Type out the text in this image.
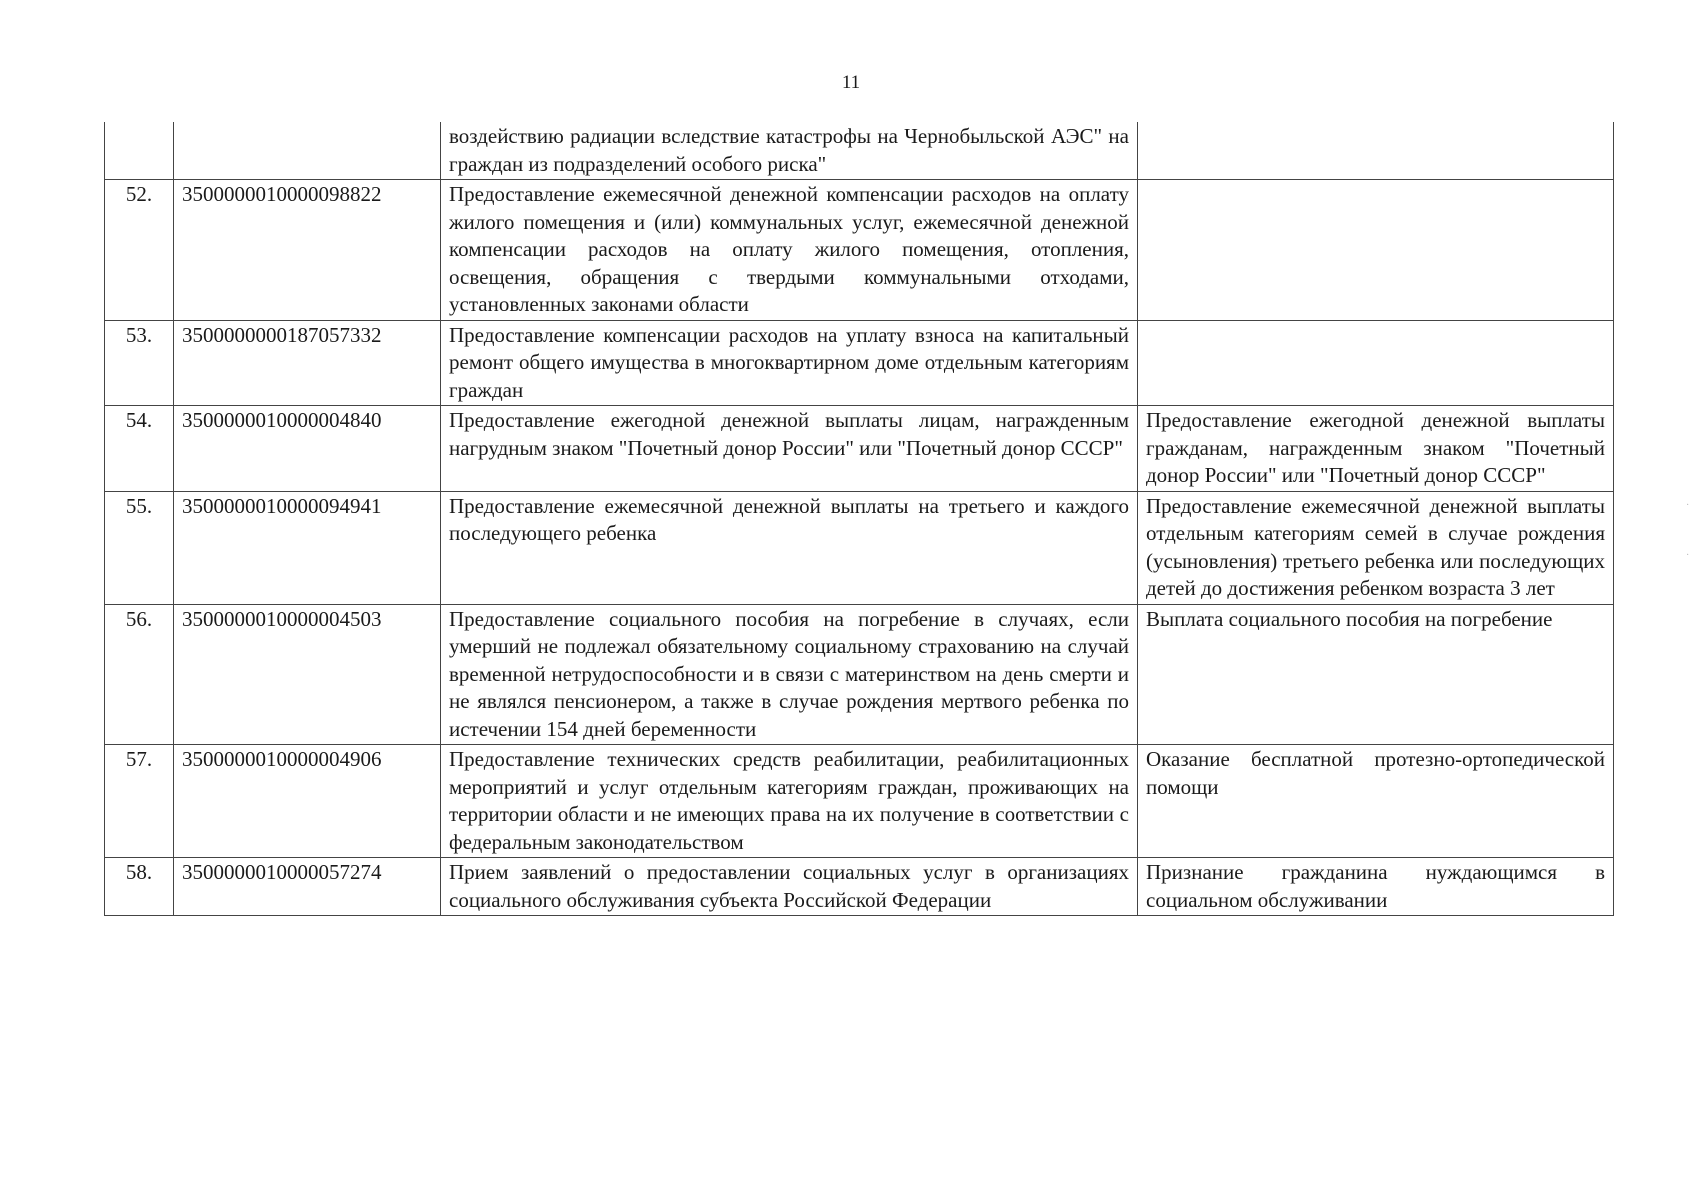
11
		воздействию радиации вследствие катастрофы на Чернобыльской АЭС" на граждан из подразделений особого риска"	
52.	3500000010000098822	Предоставление ежемесячной денежной компенсации расходов на оплату жилого помещения и (или) коммунальных услуг, ежемесячной денежной компенсации расходов на оплату жилого помещения, отопления, освещения, обращения с твердыми коммунальными отходами, установленных законами области	
53.	3500000000187057332	Предоставление компенсации расходов на уплату взноса на капитальный ремонт общего имущества в многоквартирном доме отдельным категориям граждан	
54.	3500000010000004840	Предоставление ежегодной денежной выплаты лицам, награжденным нагрудным знаком "Почетный донор России" или "Почетный донор СССР"	Предоставление ежегодной денежной выплаты гражданам, награжденным знаком "Почетный донор России" или "Почетный донор СССР"
55.	3500000010000094941	Предоставление ежемесячной денежной выплаты на третьего и каждого последующего ребенка	Предоставление ежемесячной денежной выплаты отдельным категориям семей в случае рождения (усыновления) третьего ребенка или последующих детей до достижения ребенком возраста 3 лет
56.	3500000010000004503	Предоставление социального пособия на погребение в случаях, если умерший не подлежал обязательному социальному страхованию на случай временной нетрудоспособности и в связи с материнством на день смерти и не являлся пенсионером, а также в случае рождения мертвого ребенка по истечении 154 дней беременности	Выплата социального пособия на погребение
57.	3500000010000004906	Предоставление технических средств реабилитации, реабилитационных мероприятий и услуг отдельным категориям граждан, проживающих на территории области и не имеющих права на их получение в соответствии с федеральным законодательством	Оказание бесплатной протезно-ортопедической помощи
58.	3500000010000057274	Прием заявлений о предоставлении социальных услуг в организациях социального обслуживания субъекта Российской Федерации	Признание гражданина нуждающимся в социальном обслуживании
·
·
